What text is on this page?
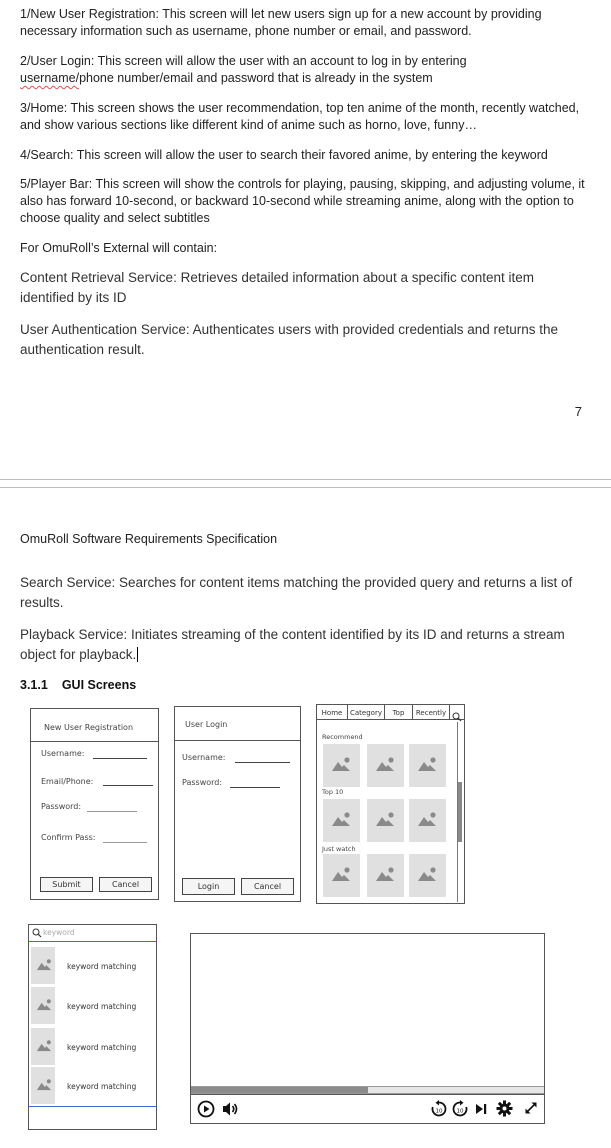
1/New User Registration: This screen will let new users sign up for a new account by providing necessary information such as username, phone number or email, and password.
2/User Login: This screen will allow the user with an account to log in by entering
username/phone number/email and password that is already in the system
3/Home: This screen shows the user recommendation, top ten anime of the month, recently watched, and show various sections like different kind of anime such as horno, love, funny…
4/Search: This screen will allow the user to search their favored anime, by entering the keyword
5/Player Bar: This screen will show the controls for playing, pausing, skipping, and adjusting volume, it also has forward 10-second, or backward 10-second while streaming anime, along with the option to choose quality and select subtitles
For OmuRoll’s External will contain:
Content Retrieval Service: Retrieves detailed information about a specific content item identified by its ID
User Authentication Service: Authenticates users with provided credentials and returns the authentication result.
7
OmuRoll Software Requirements Specification
Search Service: Searches for content items matching the provided query and returns a list of results.
Playback Service: Initiates streaming of the content identified by its ID and returns a stream object for playback.
3.1.1 GUI Screens
New User Registration
Username:
Email/Phone:
Password:
Confirm Pass:
Submit	Cancel
User Login
Username:
Password:
Login	Cancel
Home	Category	Top	Recently
Recommend
Top 10
Just watch
keyword
keyword matching
keyword matching
keyword matching
keyword matching
10	10
